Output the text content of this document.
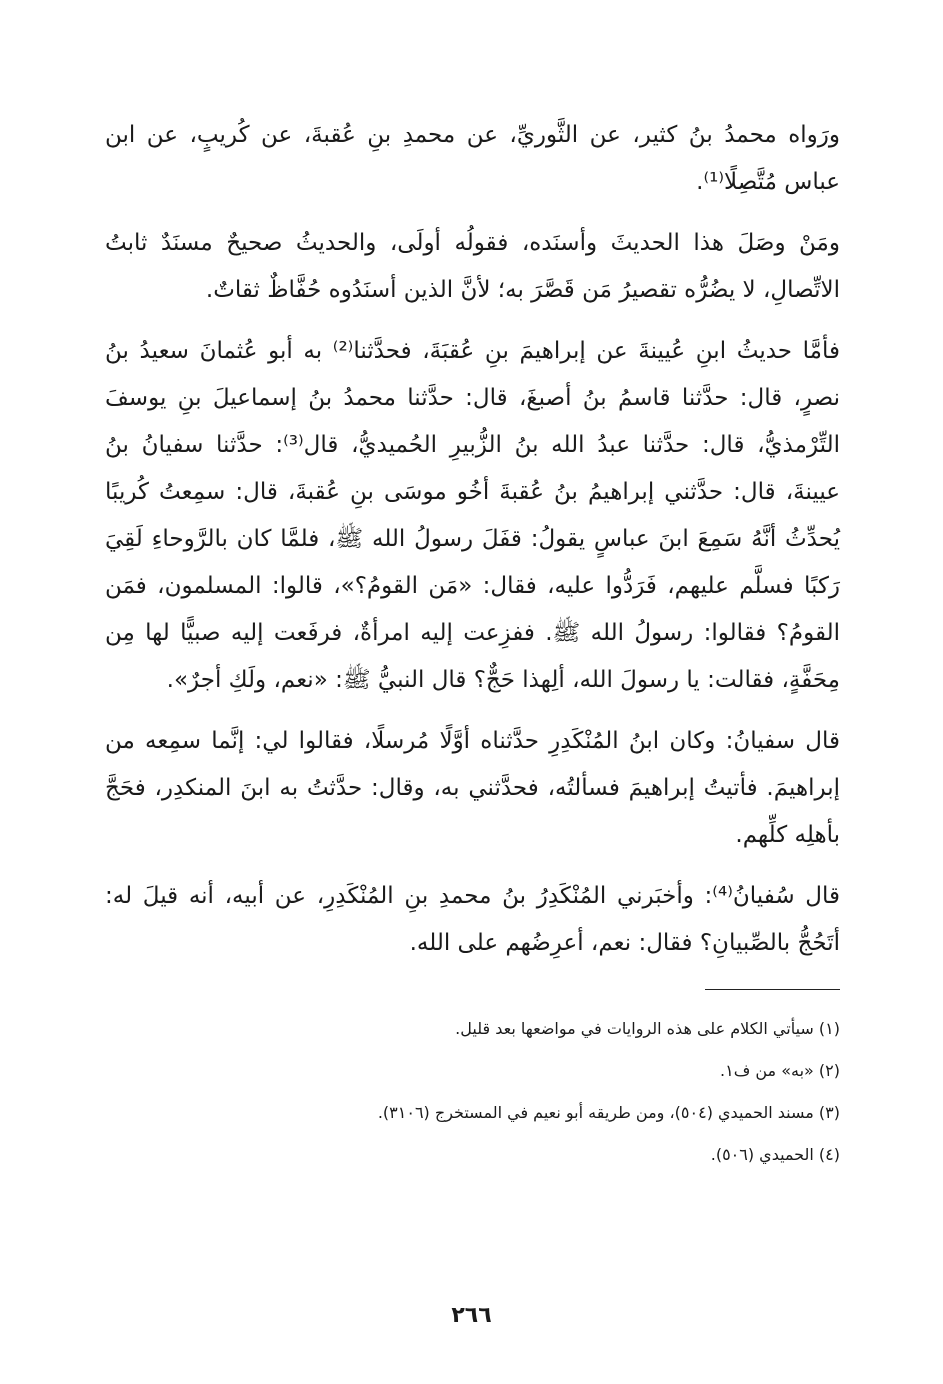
ورَواه محمدُ بنُ كثير، عن الثَّوريِّ، عن محمدِ بنِ عُقبةَ، عن كُريبٍ، عن ابن عباس مُتَّصِلًا⁽¹⁾.

ومَنْ وصَلَ هذا الحديثَ وأسنَده، فقولُه أولَى، والحديثُ صحيحٌ مسنَدٌ ثابتُ الاتِّصالِ، لا يضُرُّه تقصيرُ مَن قَصَّرَ به؛ لأنَّ الذين أسنَدُوه حُفَّاظٌ ثقاتٌ.

فأمَّا حديثُ ابنِ عُيينةَ عن إبراهيمَ بنِ عُقبَةَ، فحدَّثنا⁽²⁾ به أبو عُثمانَ سعيدُ بنُ نصرٍ، قال: حدَّثنا قاسمُ بنُ أصبغَ، قال: حدَّثنا محمدُ بنُ إسماعيلَ بنِ يوسفَ التِّرْمذيُّ، قال: حدَّثنا عبدُ الله بنُ الزُّبيرِ الحُميديُّ، قال⁽³⁾: حدَّثنا سفيانُ بنُ عيينةَ، قال: حدَّثني إبراهيمُ بنُ عُقبةَ أخُو موسَى بنِ عُقبةَ، قال: سمِعتُ كُريبًا يُحدِّثُ أنَّهُ سَمِعَ ابنَ عباسٍ يقولُ: قفَلَ رسولُ الله ﷺ، فلمَّا كان بالرَّوحاءِ لَقِيَ رَكبًا فسلَّم عليهم، فَرَدُّوا عليه، فقال: «مَن القومُ؟»، قالوا: المسلمون، فمَن القومُ؟ فقالوا: رسولُ الله ﷺ. ففزِعت إليه امرأةٌ، فرفَعت إليه صبيًّا لها مِن مِحَفَّةٍ، فقالت: يا رسولَ الله، ألِهذا حَجٌّ؟ قال النبيُّ ﷺ: «نعم، ولَكِ أجرٌ».

قال سفيانُ: وكان ابنُ المُنْكَدِرِ حدَّثناه أوَّلًا مُرسلًا، فقالوا لي: إنَّما سمِعه من إبراهيمَ. فأتيتُ إبراهيمَ فسألتُه، فحدَّثني به، وقال: حدَّثتُ به ابنَ المنكدِر، فحَجَّ بأهلِه كلِّهم.

قال سُفيانُ⁽⁴⁾: وأخبَرني المُنْكَدِرُ بنُ محمدِ بنِ المُنْكَدِرِ، عن أبيه، أنه قيلَ له: أتَحُجُّ بالصِّبيانِ؟ فقال: نعم، أعرِضُهم على الله.

(١) سيأتي الكلام على هذه الروايات في مواضعها بعد قليل.

(٢) «به» من ف١.

(٣) مسند الحميدي (٥٠٤)، ومن طريقه أبو نعيم في المستخرج (٣١٠٦).

(٤) الحميدي (٥٠٦).

٢٦٦
